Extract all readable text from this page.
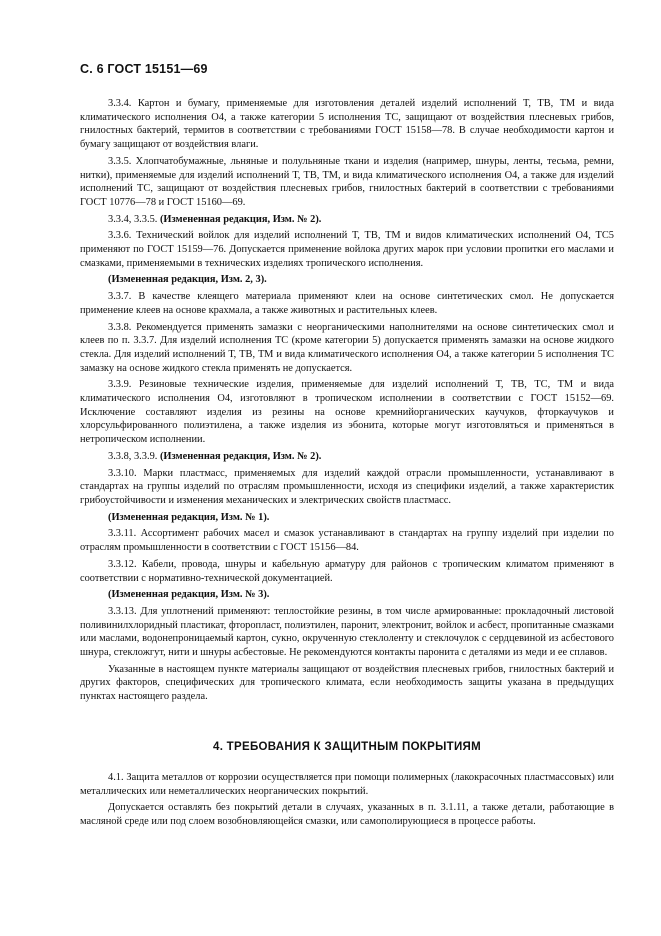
С. 6 ГОСТ 15151—69

3.3.4. Картон и бумагу, применяемые для изготовления деталей изделий исполнений Т, ТВ, ТМ и вида климатического исполнения О4, а также категории 5 исполнения ТС, защищают от воздействия плесневых грибов, гнилостных бактерий, термитов в соответствии с требованиями ГОСТ 15158—78. В случае необходимости картон и бумагу защищают от воздействия влаги.

3.3.5. Хлопчатобумажные, льняные и полульняные ткани и изделия (например, шнуры, ленты, тесьма, ремни, нитки), применяемые для изделий исполнений Т, ТВ, ТМ, и вида климатического исполнения О4, а также для изделий исполнений ТС, защищают от воздействия плесневых грибов, гнилостных бактерий в соответствии с требованиями ГОСТ 10776—78 и ГОСТ 15160—69.

3.3.4, 3.3.5. (Измененная редакция, Изм. № 2).

3.3.6. Технический войлок для изделий исполнений Т, ТВ, ТМ и видов климатических исполнений О4, ТС5 применяют по ГОСТ 15159—76. Допускается применение войлока других марок при условии пропитки его маслами и смазками, применяемыми в технических изделиях тропического исполнения.

(Измененная редакция, Изм. 2, 3).

3.3.7. В качестве клеящего материала применяют клеи на основе синтетических смол. Не допускается применение клеев на основе крахмала, а также животных и растительных клеев.

3.3.8. Рекомендуется применять замазки с неорганическими наполнителями на основе синтетических смол и клеев по п. 3.3.7. Для изделий исполнения ТС (кроме категории 5) допускается применять замазки на основе жидкого стекла. Для изделий исполнений Т, ТВ, ТМ и вида климатического исполнения О4, а также категории 5 исполнения ТС замазку на основе жидкого стекла применять не допускается.

3.3.9. Резиновые технические изделия, применяемые для изделий исполнений Т, ТВ, ТС, ТМ и вида климатического исполнения О4, изготовляют в тропическом исполнении в соответствии с ГОСТ 15152—69. Исключение составляют изделия из резины на основе кремнийорганических каучуков, фторкаучуков и хлорсульфированного полиэтилена, а также изделия из эбонита, которые могут изготовляться и применяться в нетропическом исполнении.

3.3.8, 3.3.9. (Измененная редакция, Изм. № 2).

3.3.10. Марки пластмасс, применяемых для изделий каждой отрасли промышленности, устанавливают в стандартах на группы изделий по отраслям промышленности, исходя из специфики изделий, а также характеристик грибоустойчивости и изменения механических и электрических свойств пластмасс.

(Измененная редакция, Изм. № 1).

3.3.11. Ассортимент рабочих масел и смазок устанавливают в стандартах на группу изделий при изделии по отраслям промышленности в соответствии с ГОСТ 15156—84.

3.3.12. Кабели, провода, шнуры и кабельную арматуру для районов с тропическим климатом применяют в соответствии с нормативно-технической документацией.

(Измененная редакция, Изм. № 3).

3.3.13. Для уплотнений применяют: теплостойкие резины, в том числе армированные: прокладочный листовой поливинилхлоридный пластикат, фторопласт, полиэтилен, паронит, электронит, войлок и асбест, пропитанные смазками или маслами, водонепроницаемый картон, сукно, окрученную стеклоленту и стеклочулок с сердцевиной из асбестового шнура, стекложгут, нити и шнуры асбестовые. Не рекомендуются контакты паронита с деталями из меди и ее сплавов.

Указанные в настоящем пункте материалы защищают от воздействия плесневых грибов, гнилостных бактерий и других факторов, специфических для тропического климата, если необходимость защиты указана в предыдущих пунктах настоящего раздела.

4. ТРЕБОВАНИЯ К ЗАЩИТНЫМ ПОКРЫТИЯМ

4.1. Защита металлов от коррозии осуществляется при помощи полимерных (лакокрасочных пластмассовых) или металлических или неметаллических неорганических покрытий.

Допускается оставлять без покрытий детали в случаях, указанных в п. 3.1.11, а также детали, работающие в масляной среде или под слоем возобновляющейся смазки, или самополирующиеся в процессе работы.
